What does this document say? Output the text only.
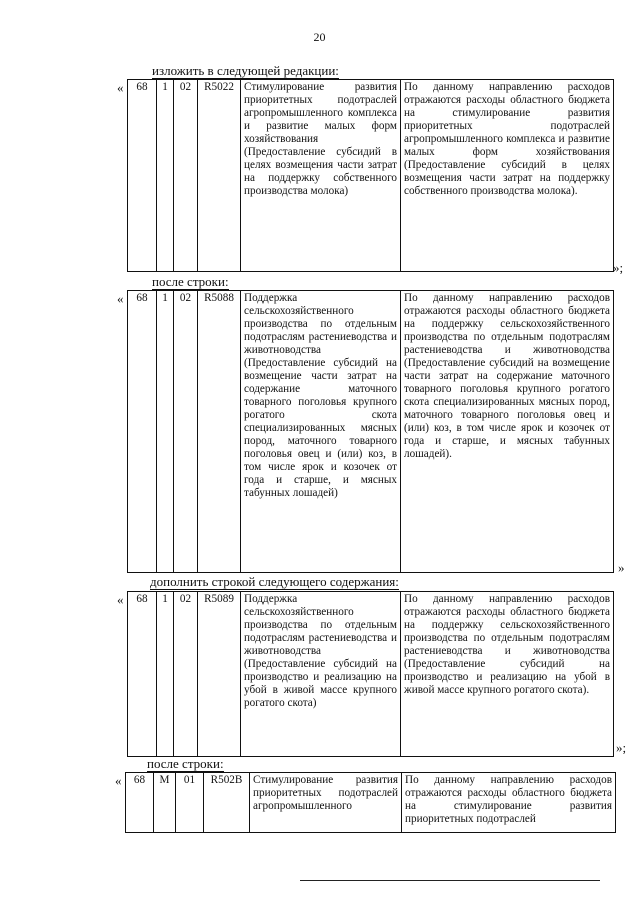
20
изложить в следующей редакции:
« 68	1	02	R5022	Стимулирование развития приоритетных подотраслей агропромышленного комплекса и развитие малых форм хозяйствования (Предоставление субсидий в целях возмещения части затрат на поддержку собственного производства молока)	По данному направлению расходов отражаются расходы областного бюджета на стимулирование развития приоритетных подотраслей агропромышленного комплекса и развитие малых форм хозяйствования (Предоставление субсидий в целях возмещения части затрат на поддержку собственного производства молока).
»;
после строки:
« 68	1	02	R5088	Поддержка сельскохозяйственного производства по отдельным подотраслям растениеводства и животноводства (Предоставление субсидий на возмещение части затрат на содержание маточного товарного поголовья крупного рогатого скота специализированных мясных пород, маточного товарного поголовья овец и (или) коз, в том числе ярок и козочек от года и старше, и мясных табунных лошадей)	По данному направлению расходов отражаются расходы областного бюджета на поддержку сельскохозяйственного производства по отдельным подотраслям растениеводства и животноводства (Предоставление субсидий на возмещение части затрат на содержание маточного товарного поголовья крупного рогатого скота специализированных мясных пород, маточного товарного поголовья овец и (или) коз, в том числе ярок и козочек от года и старше, и мясных табунных лошадей).
»
дополнить строкой следующего содержания:
« 68	1	02	R5089	Поддержка сельскохозяйственного производства по отдельным подотраслям растениеводства и животноводства (Предоставление субсидий на производство и реализацию на убой в живой массе крупного рогатого скота)	По данному направлению расходов отражаются расходы областного бюджета на поддержку сельскохозяйственного производства по отдельным подотраслям растениеводства и животноводства (Предоставление субсидий на производство и реализацию на убой в живой массе крупного рогатого скота).
»;
после строки:
« 68	М	01	R502B	Стимулирование развития приоритетных подотраслей агропромышленного	По данному направлению расходов отражаются расходы областного бюджета на стимулирование развития приоритетных подотраслей
